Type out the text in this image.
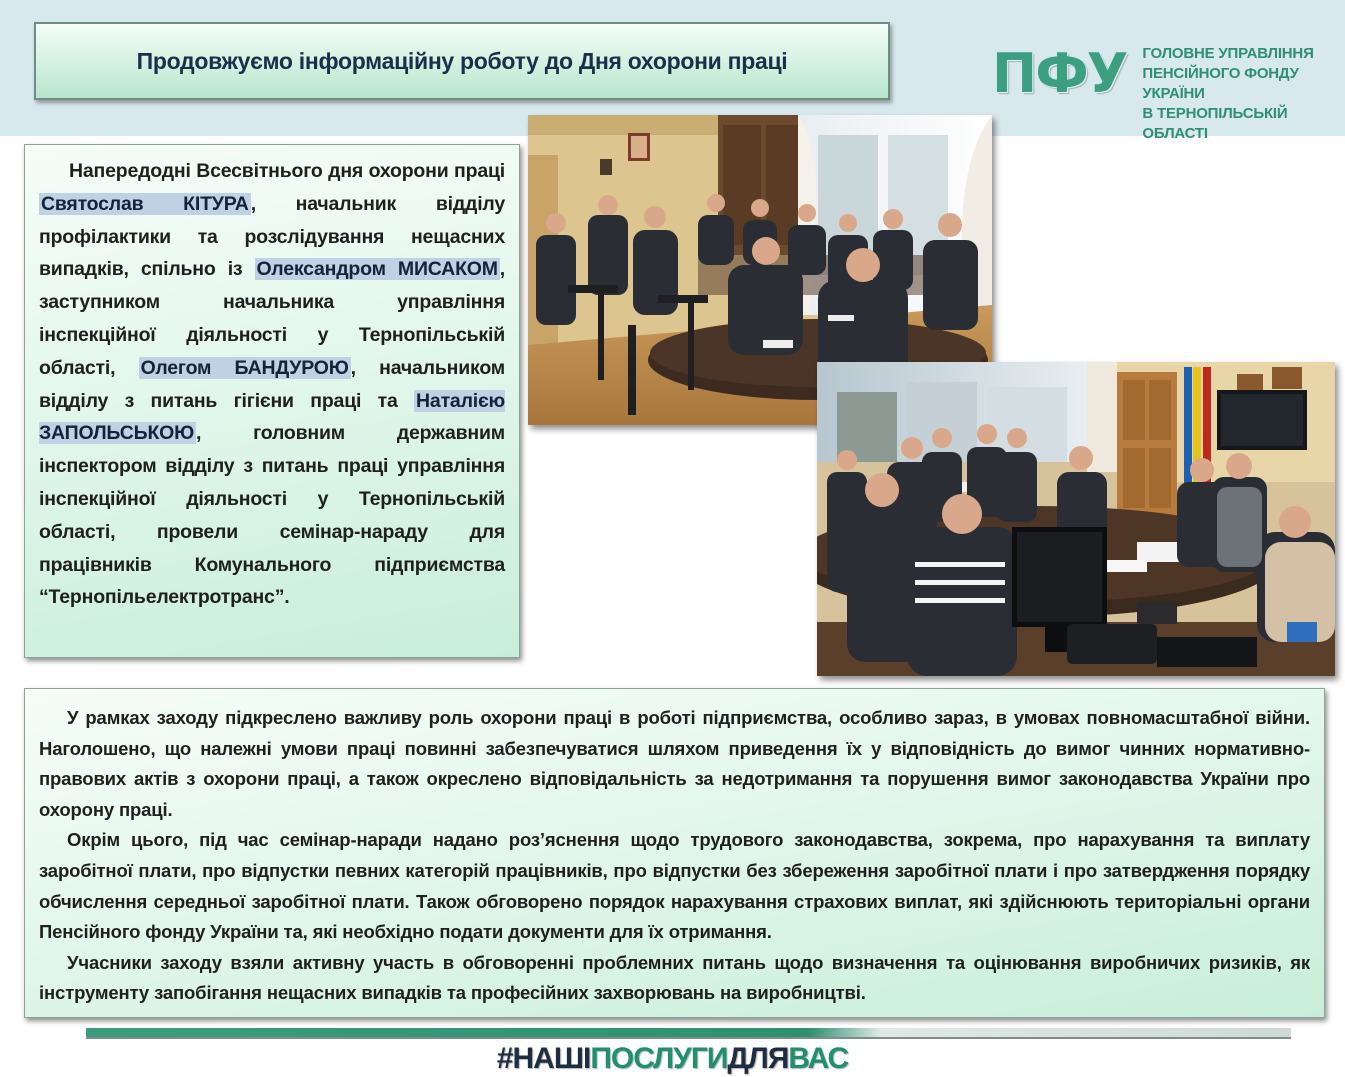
Продовжуємо інформаційну роботу до Дня охорони праці	ПФУ ГОЛОВНЕ УПРАВЛІННЯ
ПЕНСІЙНОГО ФОНДУ УКРАЇНИ
В ТЕРНОПІЛЬСЬКІЙ ОБЛАСТІ

Напередодні Всесвітнього дня охорони праці Святослав КІТУРА , начальник відділу профілактики та розслідування нещасних випадків, спільно із Олександром МИСАКОМ , заступником начальника управління інспекційної діяльності у Тернопільській області, Олегом БАНДУРОЮ , начальником відділу з питань гігієни праці та Наталією ЗАПОЛЬСЬКОЮ , головним державним інспектором відділу з питань праці управління інспекційної діяльності у Тернопільській області, провели семінар-нараду для працівників Комунального підприємства “Тернопільелектротранс”.

У рамках заходу підкреслено важливу роль охорони праці в роботі підприємства, особливо зараз, в умовах повномасштабної війни. Наголошено, що належні умови праці повинні забезпечуватися шляхом приведення їх у відповідність до вимог чинних нормативно-правових актів з охорони праці, а також окреслено відповідальність за недотримання та порушення вимог законодавства України про охорону праці.

Окрім цього, під час семінар-наради надано роз’яснення щодо трудового законодавства, зокрема, про нарахування та виплату заробітної плати, про відпустки певних категорій працівників, про відпустки без збереження заробітної плати і про затвердження порядку обчислення середньої заробітної плати. Також обговорено порядок нарахування страхових виплат, які здійснюють територіальні органи Пенсійного фонду України та, які необхідно подати документи для їх отримання.

Учасники заходу взяли активну участь в обговоренні проблемних питань щодо визначення та оцінювання виробничих ризиків, як інструменту запобігання нещасних випадків та професійних захворювань на виробництві.

#НАШІПОСЛУГИДЛЯВАС
